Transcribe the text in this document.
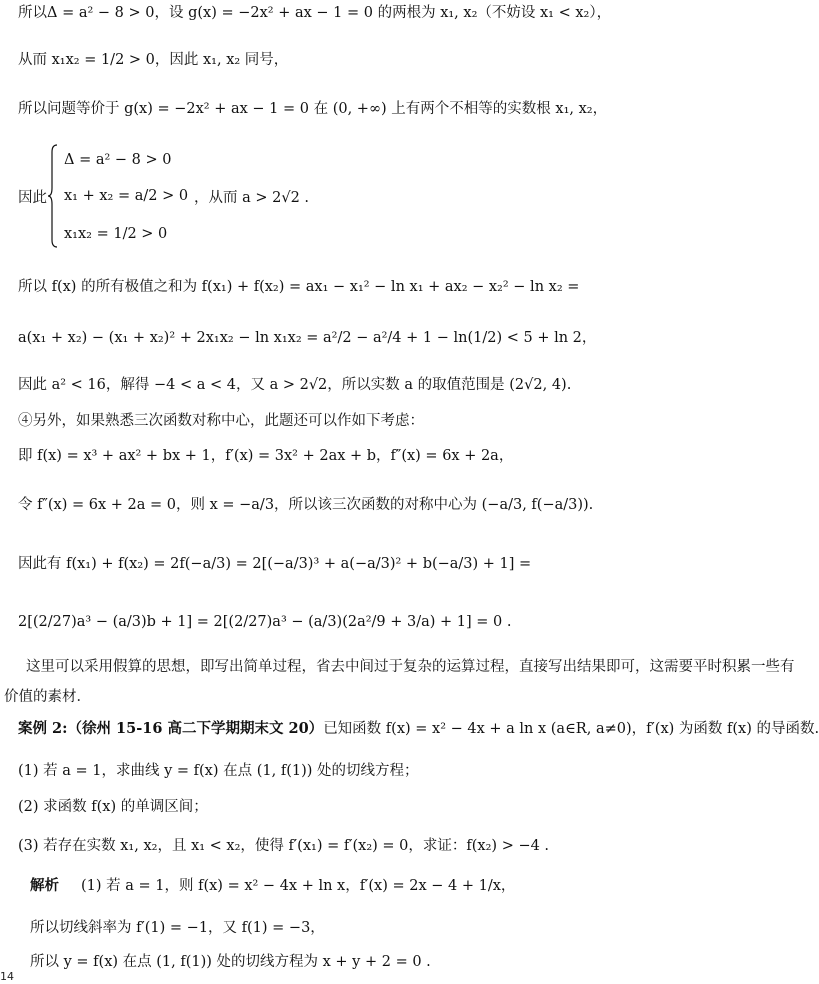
所以Δ = a² − 8 > 0，设 g(x) = −2x² + ax − 1 = 0 的两根为 x₁, x₂（不妨设 x₁ < x₂），
从而 x₁x₂ = 1/2 > 0，因此 x₁, x₂ 同号，
所以问题等价于 g(x) = −2x² + ax − 1 = 0 在 (0, +∞) 上有两个不相等的实数根 x₁, x₂，
因此
Δ = a² − 8 > 0
x₁ + x₂ = a/2 > 0
x₁x₂ = 1/2 > 0
，从而 a > 2√2 .
所以 f(x) 的所有极值之和为 f(x₁) + f(x₂) = ax₁ − x₁² − ln x₁ + ax₂ − x₂² − ln x₂ =
a(x₁ + x₂) − (x₁ + x₂)² + 2x₁x₂ − ln x₁x₂ = a²/2 − a²/4 + 1 − ln(1/2) < 5 + ln 2，
因此 a² < 16，解得 −4 < a < 4，又 a > 2√2，所以实数 a 的取值范围是 (2√2, 4).
④另外，如果熟悉三次函数对称中心，此题还可以作如下考虑：
即 f(x) = x³ + ax² + bx + 1，f′(x) = 3x² + 2ax + b，f″(x) = 6x + 2a，
令 f″(x) = 6x + 2a = 0，则 x = −a/3，所以该三次函数的对称中心为 (−a/3, f(−a/3)).
因此有 f(x₁) + f(x₂) = 2f(−a/3) = 2[(−a/3)³ + a(−a/3)² + b(−a/3) + 1] =
2[(2/27)a³ − (a/3)b + 1] = 2[(2/27)a³ − (a/3)(2a²/9 + 3/a) + 1] = 0 .
这里可以采用假算的思想，即写出简单过程，省去中间过于复杂的运算过程，直接写出结果即可，这需要平时积累一些有
价值的素材．
案例 2:（徐州 15-16 高二下学期期末文 20）已知函数 f(x) = x² − 4x + a ln x (a∈R, a≠0)，f′(x) 为函数 f(x) 的导函数.
(1) 若 a = 1，求曲线 y = f(x) 在点 (1, f(1)) 处的切线方程；
(2) 求函数 f(x) 的单调区间；
(3) 若存在实数 x₁, x₂，且 x₁ < x₂，使得 f′(x₁) = f′(x₂) = 0，求证：f(x₂) > −4 .
解析 (1) 若 a = 1，则 f(x) = x² − 4x + ln x，f′(x) = 2x − 4 + 1/x，
所以切线斜率为 f′(1) = −1，又 f(1) = −3，
所以 y = f(x) 在点 (1, f(1)) 处的切线方程为 x + y + 2 = 0 .
14
